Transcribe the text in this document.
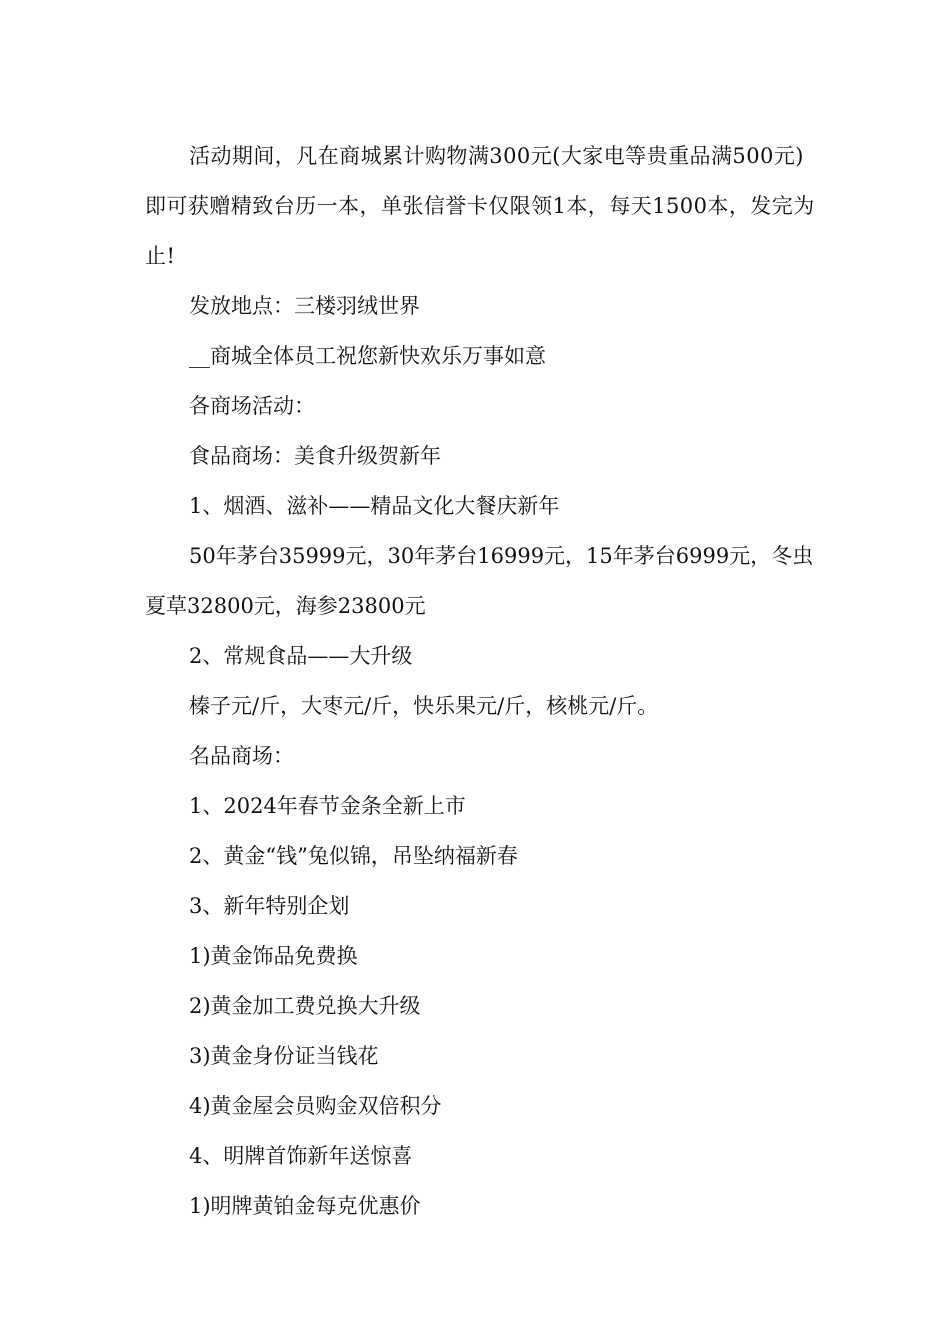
活动期间，凡在商城累计购物满300元(大家电等贵重品满500元)即可获赠精致台历一本，单张信誉卡仅限领1本，每天1500本，发完为止!

发放地点：三楼羽绒世界

__商城全体员工祝您新快欢乐万事如意

各商场活动：

食品商场：美食升级贺新年

1、烟酒、滋补——精品文化大餐庆新年

50年茅台35999元，30年茅台16999元，15年茅台6999元，冬虫夏草32800元，海参23800元

2、常规食品——大升级

榛子元/斤，大枣元/斤，快乐果元/斤，核桃元/斤。

名品商场：

1、2024年春节金条全新上市

2、黄金“钱”兔似锦，吊坠纳福新春

3、新年特别企划

1)黄金饰品免费换

2)黄金加工费兑换大升级

3)黄金身份证当钱花

4)黄金屋会员购金双倍积分

4、明牌首饰新年送惊喜

1)明牌黄铂金每克优惠价
